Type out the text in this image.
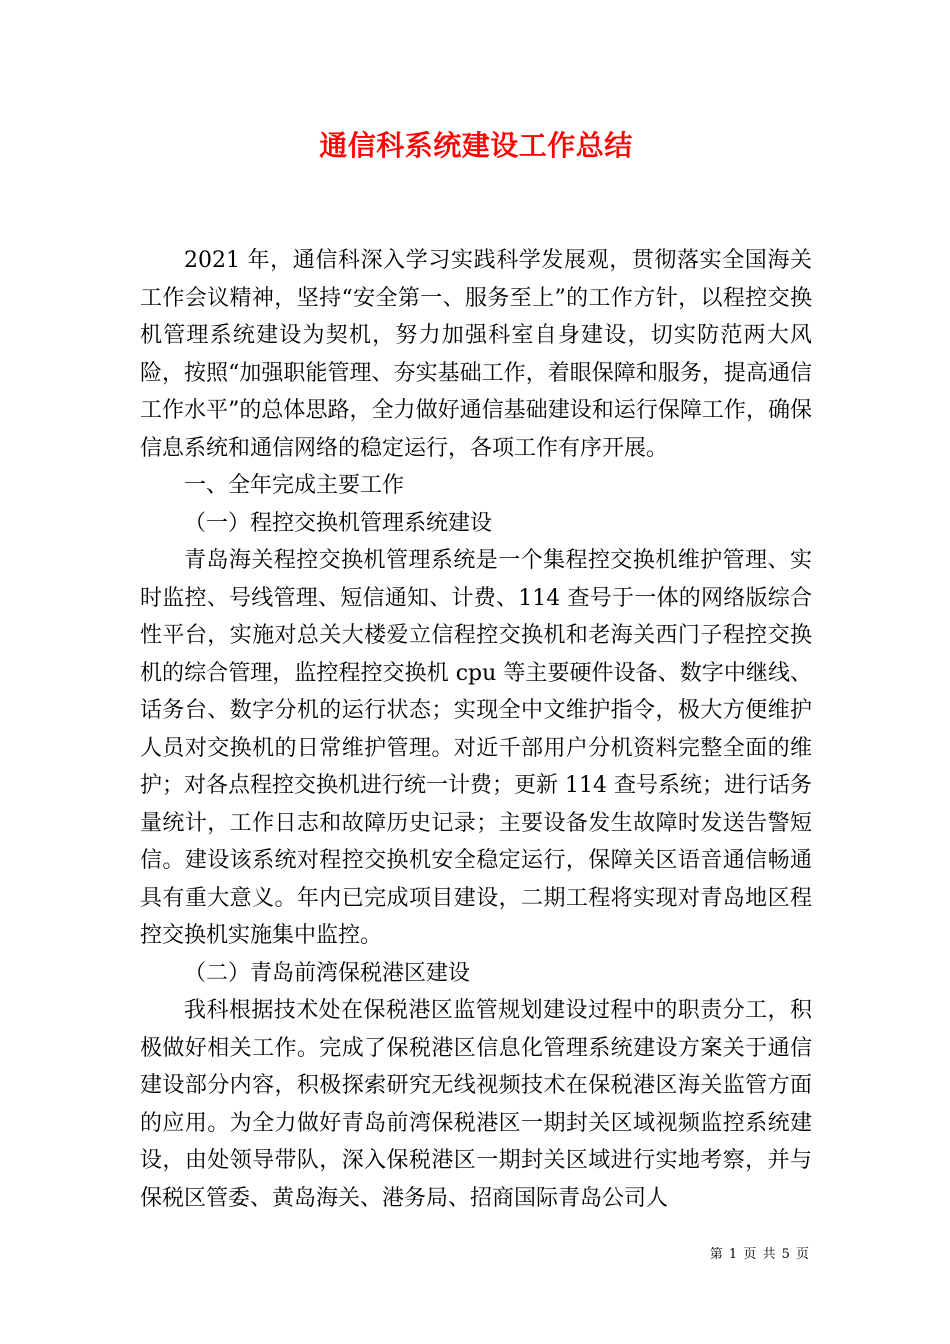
通信科系统建设工作总结

2021 年，通信科深入学习实践科学发展观，贯彻落实全国海关工作会议精神，坚持“安全第一、服务至上”的工作方针，以程控交换机管理系统建设为契机，努力加强科室自身建设，切实防范两大风险，按照“加强职能管理、夯实基础工作，着眼保障和服务，提高通信工作水平”的总体思路，全力做好通信基础建设和运行保障工作，确保信息系统和通信网络的稳定运行，各项工作有序开展。

一、全年完成主要工作

（一）程控交换机管理系统建设

青岛海关程控交换机管理系统是一个集程控交换机维护管理、实时监控、号线管理、短信通知、计费、114 查号于一体的网络版综合性平台，实施对总关大楼爱立信程控交换机和老海关西门子程控交换机的综合管理，监控程控交换机 cpu 等主要硬件设备、数字中继线、话务台、数字分机的运行状态；实现全中文维护指令，极大方便维护人员对交换机的日常维护管理。对近千部用户分机资料完整全面的维护；对各点程控交换机进行统一计费；更新 114 查号系统；进行话务量统计，工作日志和故障历史记录；主要设备发生故障时发送告警短信。建设该系统对程控交换机安全稳定运行，保障关区语音通信畅通具有重大意义。年内已完成项目建设，二期工程将实现对青岛地区程控交换机实施集中监控。

（二）青岛前湾保税港区建设

我科根据技术处在保税港区监管规划建设过程中的职责分工，积极做好相关工作。完成了保税港区信息化管理系统建设方案关于通信建设部分内容，积极探索研究无线视频技术在保税港区海关监管方面的应用。为全力做好青岛前湾保税港区一期封关区域视频监控系统建设，由处领导带队，深入保税港区一期封关区域进行实地考察，并与保税区管委、黄岛海关、港务局、招商国际青岛公司人

第 1 页 共 5 页
